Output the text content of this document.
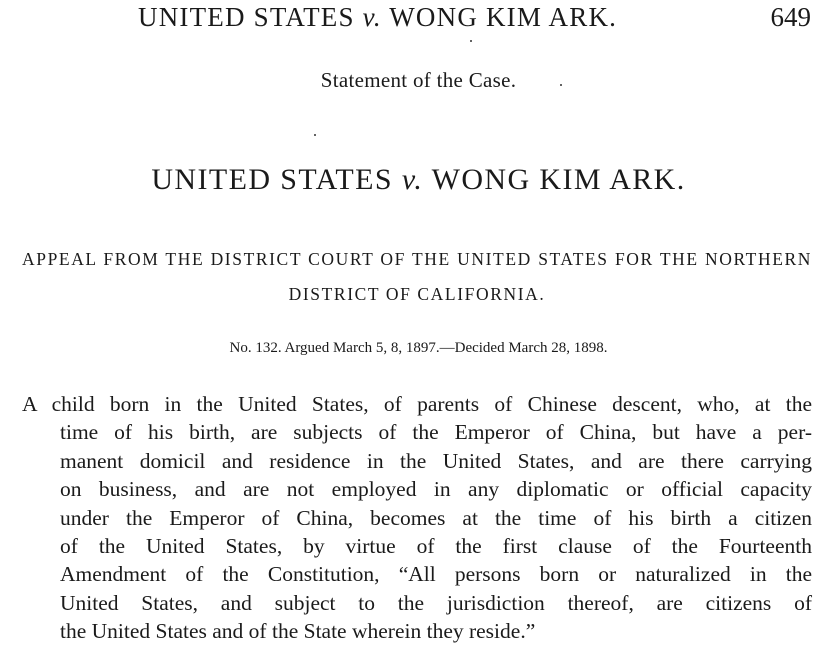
UNITED STATES v. WONG KIM ARK.	649
Statement of the Case.
UNITED STATES v. WONG KIM ARK.
APPEAL FROM THE DISTRICT COURT OF THE UNITED STATES FOR THE NORTHERN DISTRICT OF CALIFORNIA.
No. 132. Argued March 5, 8, 1897.—Decided March 28, 1898.
A child born in the United States, of parents of Chinese descent, who, at the
time of his birth, are subjects of the Emperor of China, but have a per-
manent domicil and residence in the United States, and are there carrying
on business, and are not employed in any diplomatic or official capacity
under the Emperor of China, becomes at the time of his birth a citizen
of the United States, by virtue of the first clause of the Fourteenth
Amendment of the Constitution, “All persons born or naturalized in the
United States, and subject to the jurisdiction thereof, are citizens of
the United States and of the State wherein they reside.”
